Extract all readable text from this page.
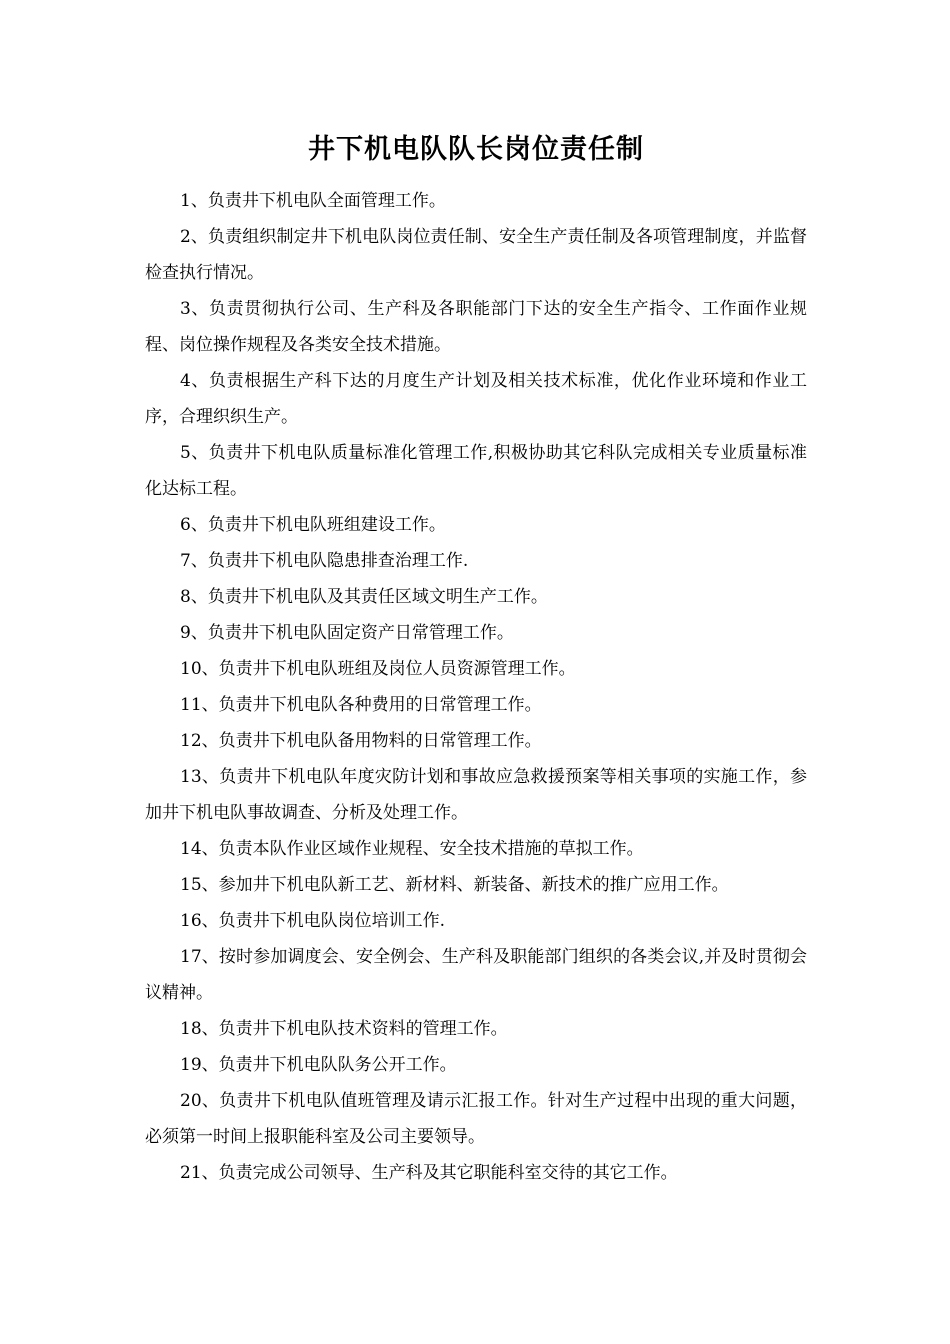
井下机电队队长岗位责任制

1、负责井下机电队全面管理工作。

2、负责组织制定井下机电队岗位责任制、安全生产责任制及各项管理制度，并监督检查执行情况。

3、负责贯彻执行公司、生产科及各职能部门下达的安全生产指令、工作面作业规程、岗位操作规程及各类安全技术措施。

4、负责根据生产科下达的月度生产计划及相关技术标准，优化作业环境和作业工序，合理织织生产。

5、负责井下机电队质量标准化管理工作,积极协助其它科队完成相关专业质量标准化达标工程。

6、负责井下机电队班组建设工作。

7、负责井下机电队隐患排查治理工作.

8、负责井下机电队及其责任区域文明生产工作。

9、负责井下机电队固定资产日常管理工作。

10、负责井下机电队班组及岗位人员资源管理工作。

11、负责井下机电队各种费用的日常管理工作。

12、负责井下机电队备用物料的日常管理工作。

13、负责井下机电队年度灾防计划和事故应急救援预案等相关事项的实施工作，参加井下机电队事故调查、分析及处理工作。

14、负责本队作业区域作业规程、安全技术措施的草拟工作。

15、参加井下机电队新工艺、新材料、新装备、新技术的推广应用工作。

16、负责井下机电队岗位培训工作.

17、按时参加调度会、安全例会、生产科及职能部门组织的各类会议,并及时贯彻会议精神。

18、负责井下机电队技术资料的管理工作。

19、负责井下机电队队务公开工作。

20、负责井下机电队值班管理及请示汇报工作。针对生产过程中出现的重大问题，必须第一时间上报职能科室及公司主要领导。

21、负责完成公司领导、生产科及其它职能科室交待的其它工作。
